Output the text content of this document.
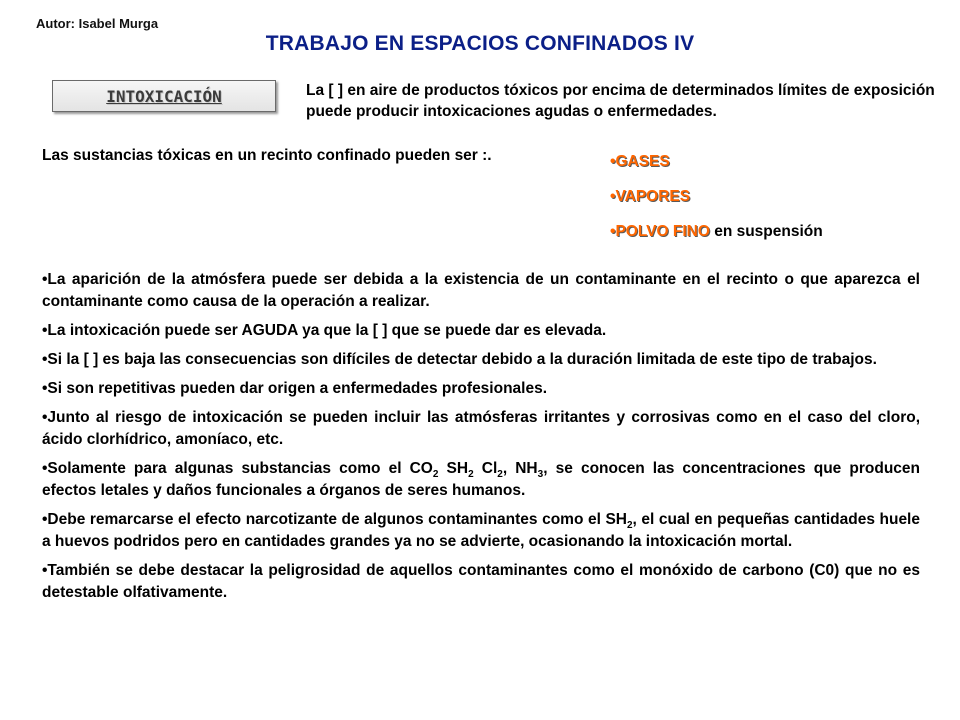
Autor: Isabel Murga
TRABAJO EN ESPACIOS CONFINADOS IV
INTOXICACIÓN	La [ ] en aire de productos tóxicos por encima de determinados límites de exposición puede producir intoxicaciones agudas o enfermedades.
Las sustancias tóxicas en un recinto confinado pueden ser :.	•GASES
•VAPORES
•POLVO FINO en suspensión

•La aparición de la atmósfera puede ser debida a la existencia de un contaminante en el recinto o que aparezca el contaminante como causa de la operación a realizar.

•La intoxicación puede ser AGUDA ya que la [ ] que se puede dar es elevada.

•Si la [ ] es baja las consecuencias son difíciles de detectar debido a la duración limitada de este tipo de trabajos.

•Si son repetitivas pueden dar origen a enfermedades profesionales.

•Junto al riesgo de intoxicación se pueden incluir las atmósferas irritantes y corrosivas como en el caso del cloro, ácido clorhídrico, amoníaco, etc.

•Solamente para algunas substancias como el $CO_2$ $SH_2$ $Cl_2$, $NH_3$, se conocen las concentraciones que producen efectos letales y daños funcionales a órganos de seres humanos.

•Debe remarcarse el efecto narcotizante de algunos contaminantes como el $SH_2$, el cual en pequeñas cantidades huele a huevos podridos pero en cantidades grandes ya no se advierte, ocasionando la intoxicación mortal.

•También se debe destacar la peligrosidad de aquellos contaminantes como el monóxido de carbono (C0) que no es detestable olfativamente.
